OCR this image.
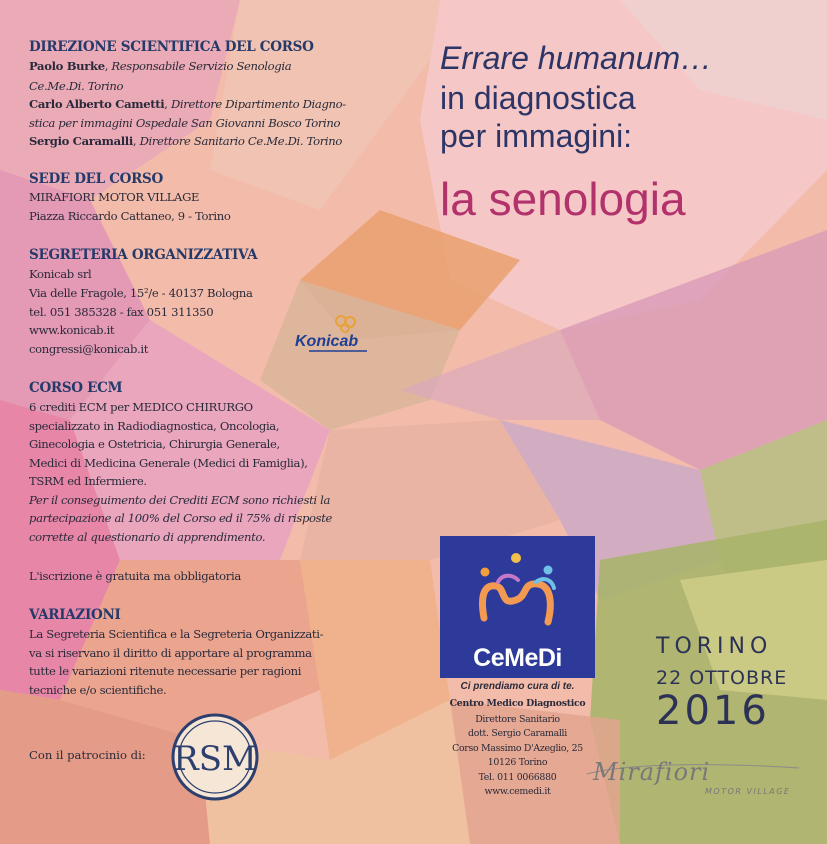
Errare humanum…
in diagnostica
per immagini:
la senologia
DIREZIONE SCIENTIFICA DEL CORSO
Paolo Burke, Responsabile Servizio Senologia
Ce.Me.Di. Torino
Carlo Alberto Cametti, Direttore Dipartimento Diagno-
stica per immagini Ospedale San Giovanni Bosco Torino
Sergio Caramalli, Direttore Sanitario Ce.Me.Di. Torino
SEDE DEL CORSO
MIRAFIORI MOTOR VILLAGE
Piazza Riccardo Cattaneo, 9 - Torino
SEGRETERIA ORGANIZZATIVA
Konicab srl
Via delle Fragole, 15²/e - 40137 Bologna
tel. 051 385328 - fax 051 311350
www.konicab.it
congressi@konicab.it	Konicab
CORSO ECM
6 crediti ECM per MEDICO CHIRURGO
specializzato in Radiodiagnostica, Oncologia,
Ginecologia e Ostetricia, Chirurgia Generale,
Medici di Medicina Generale (Medici di Famiglia),
TSRM ed Infermiere.
Per il conseguimento dei Crediti ECM sono richiesti la
partecipazione al 100% del Corso ed il 75% di risposte
corrette al questionario di apprendimento.
L'iscrizione è gratuita ma obbligatoria
VARIAZIONI
La Segreteria Scientifica e la Segreteria Organizzati-
va si riservano il diritto di apportare al programma
tutte le variazioni ritenute necessarie per ragioni
tecniche e/o scientifiche.
Con il patrocinio di: RSM
CeMeDi
Ci prendiamo cura di te.
Centro Medico Diagnostico
Direttore Sanitario
dott. Sergio Caramalli
Corso Massimo D'Azeglio, 25
10126 Torino
Tel. 011 0066880
www.cemedi.it
TORINO
22 OTTOBRE
2016
Mirafiori
MOTOR VILLAGE
